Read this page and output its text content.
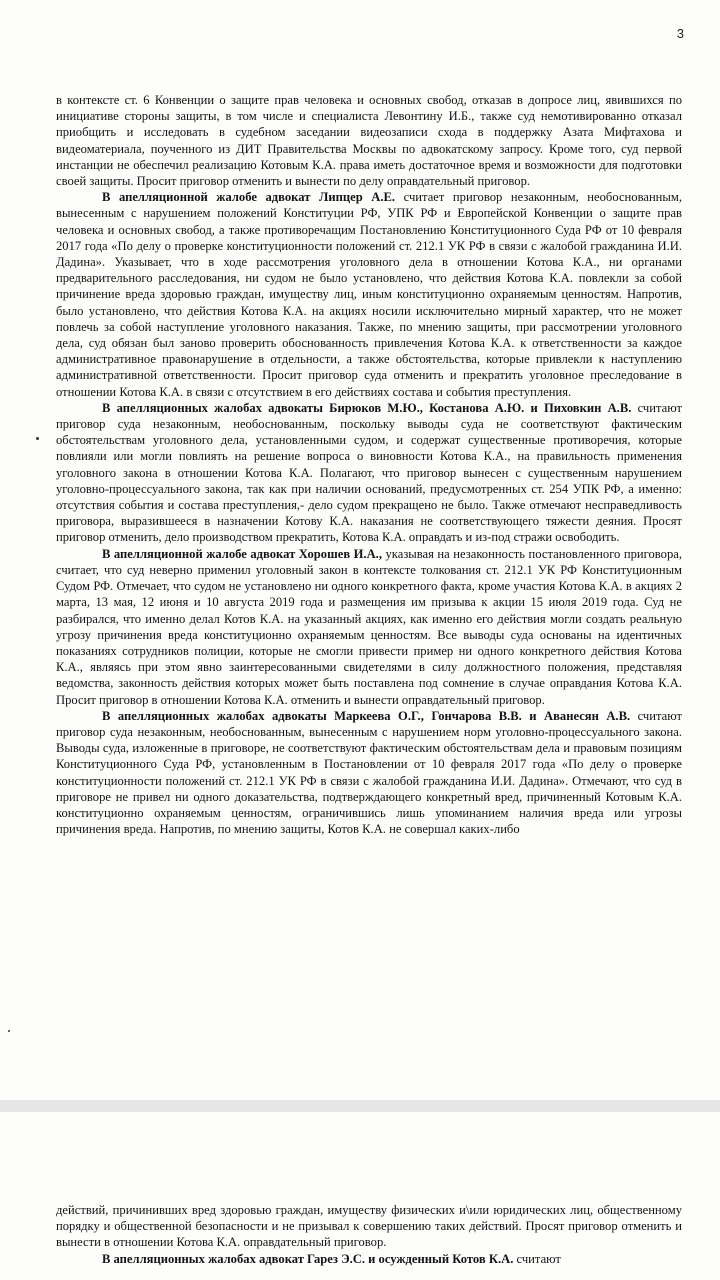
3

в контексте ст. 6 Конвенции о защите прав человека и основных свобод, отказав в допросе лиц, явившихся по инициативе стороны защиты, в том числе и специалиста Левонтину И.Б., также суд немотивированно отказал приобщить и исследовать в судебном заседании видеозаписи схода в поддержку Азата Мифтахова и видеоматериала, поученного из ДИТ Правительства Москвы по адвокатскому запросу. Кроме того, суд первой инстанции не обеспечил реализацию Котовым К.А. права иметь достаточное время и возможности для подготовки своей защиты. Просит приговор отменить и вынести по делу оправдательный приговор.

В апелляционной жалобе адвокат Липцер А.Е. считает приговор незаконным, необоснованным, вынесенным с нарушением положений Конституции РФ, УПК РФ и Европейской Конвенции о защите прав человека и основных свобод, а также противоречащим Постановлению Конституционного Суда РФ от 10 февраля 2017 года «По делу о проверке конституционности положений ст. 212.1 УК РФ в связи с жалобой гражданина И.И. Дадина». Указывает, что в ходе рассмотрения уголовного дела в отношении Котова К.А., ни органами предварительного расследования, ни судом не было установлено, что действия Котова К.А. повлекли за собой причинение вреда здоровью граждан, имуществу лиц, иным конституционно охраняемым ценностям. Напротив, было установлено, что действия Котова К.А. на акциях носили исключительно мирный характер, что не может повлечь за собой наступление уголовного наказания. Также, по мнению защиты, при рассмотрении уголовного дела, суд обязан был заново проверить обоснованность привлечения Котова К.А. к ответственности за каждое административное правонарушение в отдельности, а также обстоятельства, которые привлекли к наступлению административной ответственности. Просит приговор суда отменить и прекратить уголовное преследование в отношении Котова К.А. в связи с отсутствием в его действиях состава и события преступления.

В апелляционных жалобах адвокаты Бирюков М.Ю., Костанова А.Ю. и Пиховкин А.В. считают приговор суда незаконным, необоснованным, поскольку выводы суда не соответствуют фактическим обстоятельствам уголовного дела, установленными судом, и содержат существенные противоречия, которые повлияли или могли повлиять на решение вопроса о виновности Котова К.А., на правильность применения уголовного закона в отношении Котова К.А. Полагают, что приговор вынесен с существенным нарушением уголовно-процессуального закона, так как при наличии оснований, предусмотренных ст. 254 УПК РФ, а именно: отсутствия события и состава преступления,- дело судом прекращено не было. Также отмечают несправедливость приговора, выразившееся в назначении Котову К.А. наказания не соответствующего тяжести деяния. Просят приговор отменить, дело производством прекратить, Котова К.А. оправдать и из-под стражи освободить.

В апелляционной жалобе адвокат Хорошев И.А., указывая на незаконность постановленного приговора, считает, что суд неверно применил уголовный закон в контексте толкования ст. 212.1 УК РФ Конституционным Судом РФ. Отмечает, что судом не установлено ни одного конкретного факта, кроме участия Котова К.А. в акциях 2 марта, 13 мая, 12 июня и 10 августа 2019 года и размещения им призыва к акции 15 июля 2019 года. Суд не разбирался, что именно делал Котов К.А. на указанный акциях, как именно его действия могли создать реальную угрозу причинения вреда конституционно охраняемым ценностям. Все выводы суда основаны на идентичных показаниях сотрудников полиции, которые не смогли привести пример ни одного конкретного действия Котова К.А., являясь при этом явно заинтересованными свидетелями в силу должностного положения, представляя ведомства, законность действия которых может быть поставлена под сомнение в случае оправдания Котова К.А. Просит приговор в отношении Котова К.А. отменить и вынести оправдательный приговор.

В апелляционных жалобах адвокаты Маркеева О.Г., Гончарова В.В. и Аванесян А.В. считают приговор суда незаконным, необоснованным, вынесенным с нарушением норм уголовно-процессуального закона. Выводы суда, изложенные в приговоре, не соответствуют фактическим обстоятельствам дела и правовым позициям Конституционного Суда РФ, установленным в Постановлении от 10 февраля 2017 года «По делу о проверке конституционности положений ст. 212.1 УК РФ в связи с жалобой гражданина И.И. Дадина». Отмечают, что суд в приговоре не привел ни одного доказательства, подтверждающего конкретный вред, причиненный Котовым К.А. конституционно охраняемым ценностям, ограничившись лишь упоминанием наличия вреда или угрозы причинения вреда. Напротив, по мнению защиты, Котов К.А. не совершал каких-либо

действий, причинивших вред здоровью граждан, имуществу физических и\или юридических лиц, общественному порядку и общественной безопасности и не призывал к совершению таких действий. Просят приговор отменить и вынести в отношении Котова К.А. оправдательный приговор.

В апелляционных жалобах адвокат Гарез Э.С. и осужденный Котов К.А. считают
